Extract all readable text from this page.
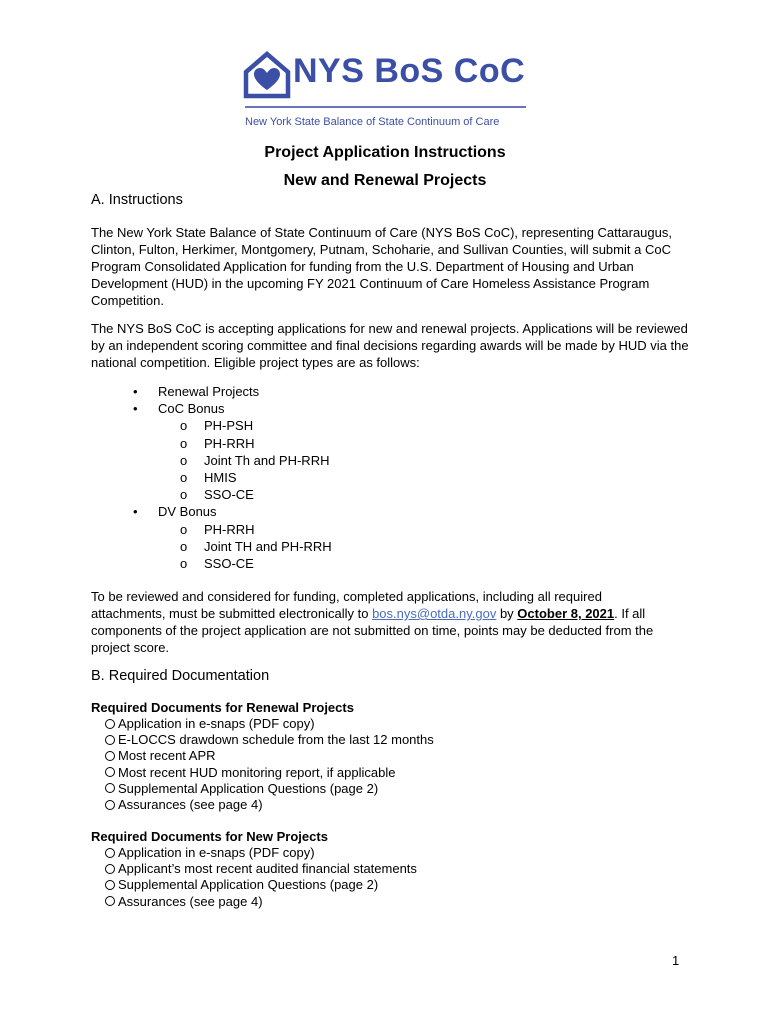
NYS BoS CoC
New York State Balance of State Continuum of Care
Project Application Instructions
New and Renewal Projects
A. Instructions
The New York State Balance of State Continuum of Care (NYS BoS CoC), representing Cattaraugus, Clinton, Fulton, Herkimer, Montgomery, Putnam, Schoharie, and Sullivan Counties, will submit a CoC Program Consolidated Application for funding from the U.S. Department of Housing and Urban Development (HUD) in the upcoming FY 2021 Continuum of Care Homeless Assistance Program Competition.
The NYS BoS CoC is accepting applications for new and renewal projects. Applications will be reviewed by an independent scoring committee and final decisions regarding awards will be made by HUD via the national competition. Eligible project types are as follows:
• Renewal Projects
• CoC Bonus
o PH-PSH
o PH-RRH
o Joint Th and PH-RRH
o HMIS
o SSO-CE
• DV Bonus
o PH-RRH
o Joint TH and PH-RRH
o SSO-CE
To be reviewed and considered for funding, completed applications, including all required attachments, must be submitted electronically to bos.nys@otda.ny.gov by October 8, 2021. If all components of the project application are not submitted on time, points may be deducted from the project score.
B. Required Documentation
Required Documents for Renewal Projects
Application in e-snaps (PDF copy)
E-LOCCS drawdown schedule from the last 12 months
Most recent APR
Most recent HUD monitoring report, if applicable
Supplemental Application Questions (page 2)
Assurances (see page 4)
Required Documents for New Projects
Application in e-snaps (PDF copy)
Applicant’s most recent audited financial statements
Supplemental Application Questions (page 2)
Assurances (see page 4)
1
